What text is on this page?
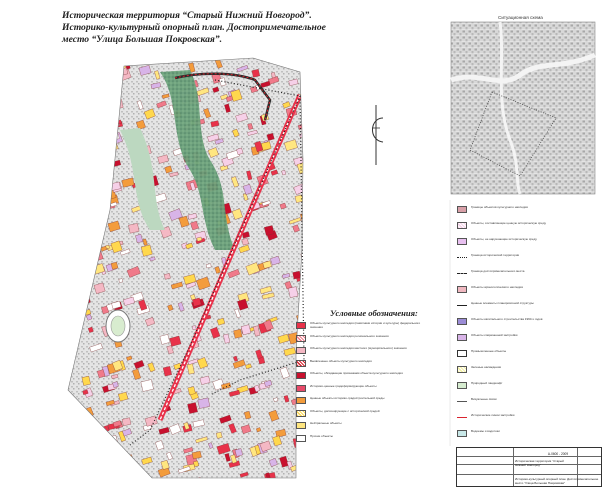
Историческая территория “Старый Нижний Новгород”.
Историко-культурный опорный план. Достопримечательное
место “Улица Большая Покровская”.
Ситуационная схема
Условные обозначения:
Объекты культурного наследия (памятники истории и культуры) федерального значения
Объекты культурного наследия регионального значения
Объекты культурного наследия местного (муниципального) значения
Выявленные объекты культурного наследия
Объекты, обладающие признаками объекта культурного наследия
Историко-ценные градоформирующие объекты
Ценные объекты историко-градостроительной среды
Объекты, диссонирующие с исторической средой
Нейтральные объекты
Прочие объекты
Границы объектов культурного наследия
Объекты, составляющие ценную историческую среду
Объекты, не нарушающие историческую среду
Граница исторической территории
Граница достопримечательного места
Объекты археологического наследия
Ценные элементы планировочной структуры
Объекты капитального строительства 1960-х годов
Объекты современной застройки
Промышленные объекты
Зеленые насаждения
Природный ландшафт
Визуальные связи
Исторические линии застройки
Водоемы и водотоки
А-0600 - 2009
Историческая территория “Старый Нижний Новгород”
Историко-культурный опорный план. Достопримечательное место “Улица Большая Покровская”
